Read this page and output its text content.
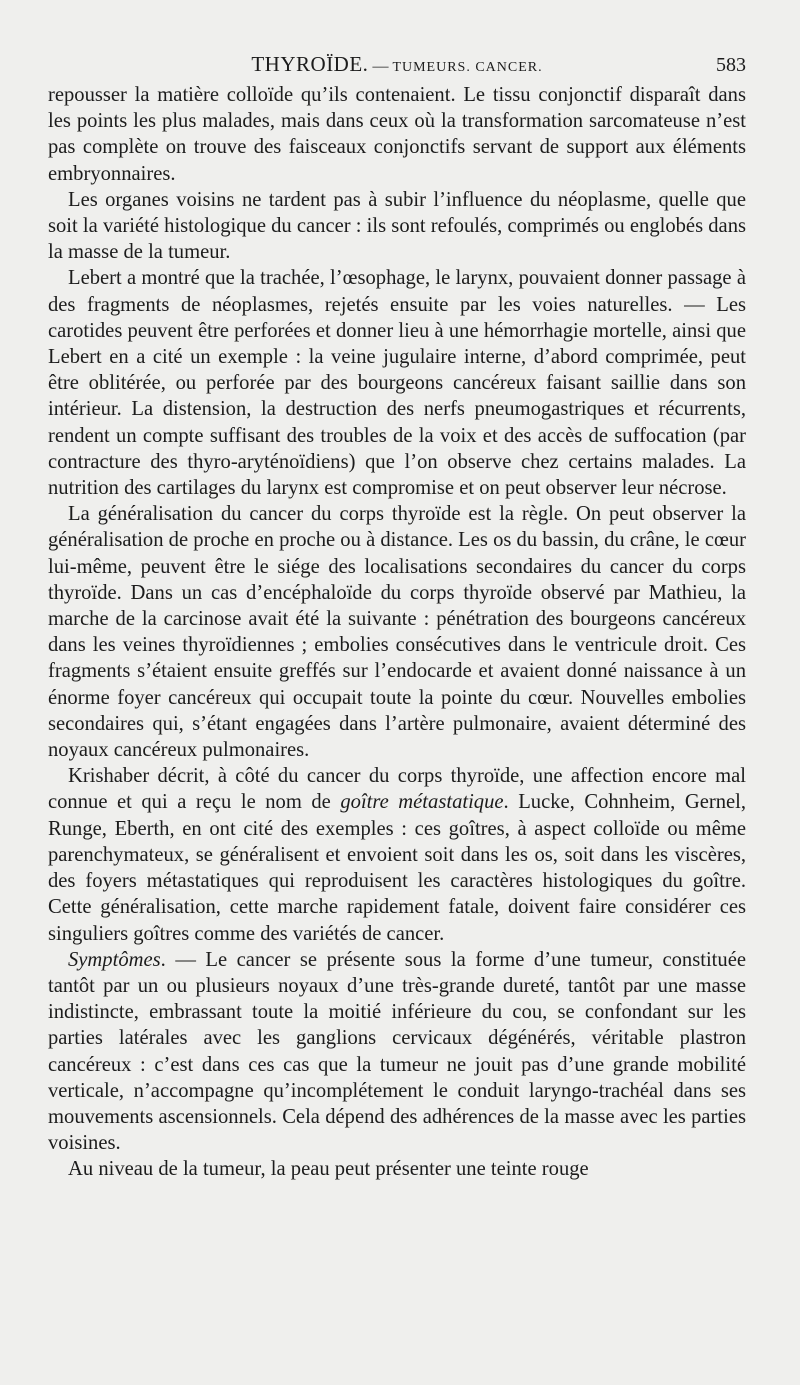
THYROÏDE. — TUMEURS. CANCER.	583

repousser la matière colloïde qu’ils contenaient. Le tissu conjonctif disparaît dans les points les plus malades, mais dans ceux où la transformation sarcomateuse n’est pas complète on trouve des faisceaux conjonctifs servant de support aux éléments embryonnaires.

Les organes voisins ne tardent pas à subir l’influence du néoplasme, quelle que soit la variété histologique du cancer : ils sont refoulés, comprimés ou englobés dans la masse de la tumeur.

Lebert a montré que la trachée, l’œsophage, le larynx, pouvaient donner passage à des fragments de néoplasmes, rejetés ensuite par les voies naturelles. — Les carotides peuvent être perforées et donner lieu à une hémorrhagie mortelle, ainsi que Lebert en a cité un exemple : la veine jugulaire interne, d’abord comprimée, peut être oblitérée, ou perforée par des bourgeons cancéreux faisant saillie dans son intérieur. La distension, la destruction des nerfs pneumogastriques et récurrents, rendent un compte suffisant des troubles de la voix et des accès de suffocation (par contracture des thyro-aryténoïdiens) que l’on observe chez certains malades. La nutrition des cartilages du larynx est compromise et on peut observer leur nécrose.

La généralisation du cancer du corps thyroïde est la règle. On peut observer la généralisation de proche en proche ou à distance. Les os du bassin, du crâne, le cœur lui-même, peuvent être le siége des localisations secondaires du cancer du corps thyroïde. Dans un cas d’encéphaloïde du corps thyroïde observé par Mathieu, la marche de la carcinose avait été la suivante : pénétration des bourgeons cancéreux dans les veines thyroïdiennes ; embolies consécutives dans le ventricule droit. Ces fragments s’étaient ensuite greffés sur l’endocarde et avaient donné naissance à un énorme foyer cancéreux qui occupait toute la pointe du cœur. Nouvelles embolies secondaires qui, s’étant engagées dans l’artère pulmonaire, avaient déterminé des noyaux cancéreux pulmonaires.

Krishaber décrit, à côté du cancer du corps thyroïde, une affection encore mal connue et qui a reçu le nom de goître métastatique. Lucke, Cohnheim, Gernel, Runge, Eberth, en ont cité des exemples : ces goîtres, à aspect colloïde ou même parenchymateux, se généralisent et envoient soit dans les os, soit dans les viscères, des foyers métastatiques qui reproduisent les caractères histologiques du goître. Cette généralisation, cette marche rapidement fatale, doivent faire considérer ces singuliers goîtres comme des variétés de cancer.

Symptômes. — Le cancer se présente sous la forme d’une tumeur, constituée tantôt par un ou plusieurs noyaux d’une très-grande dureté, tantôt par une masse indistincte, embrassant toute la moitié inférieure du cou, se confondant sur les parties latérales avec les ganglions cervicaux dégénérés, véritable plastron cancéreux : c’est dans ces cas que la tumeur ne jouit pas d’une grande mobilité verticale, n’accompagne qu’incomplétement le conduit laryngo-trachéal dans ses mouvements ascensionnels. Cela dépend des adhérences de la masse avec les parties voisines.

Au niveau de la tumeur, la peau peut présenter une teinte rouge
